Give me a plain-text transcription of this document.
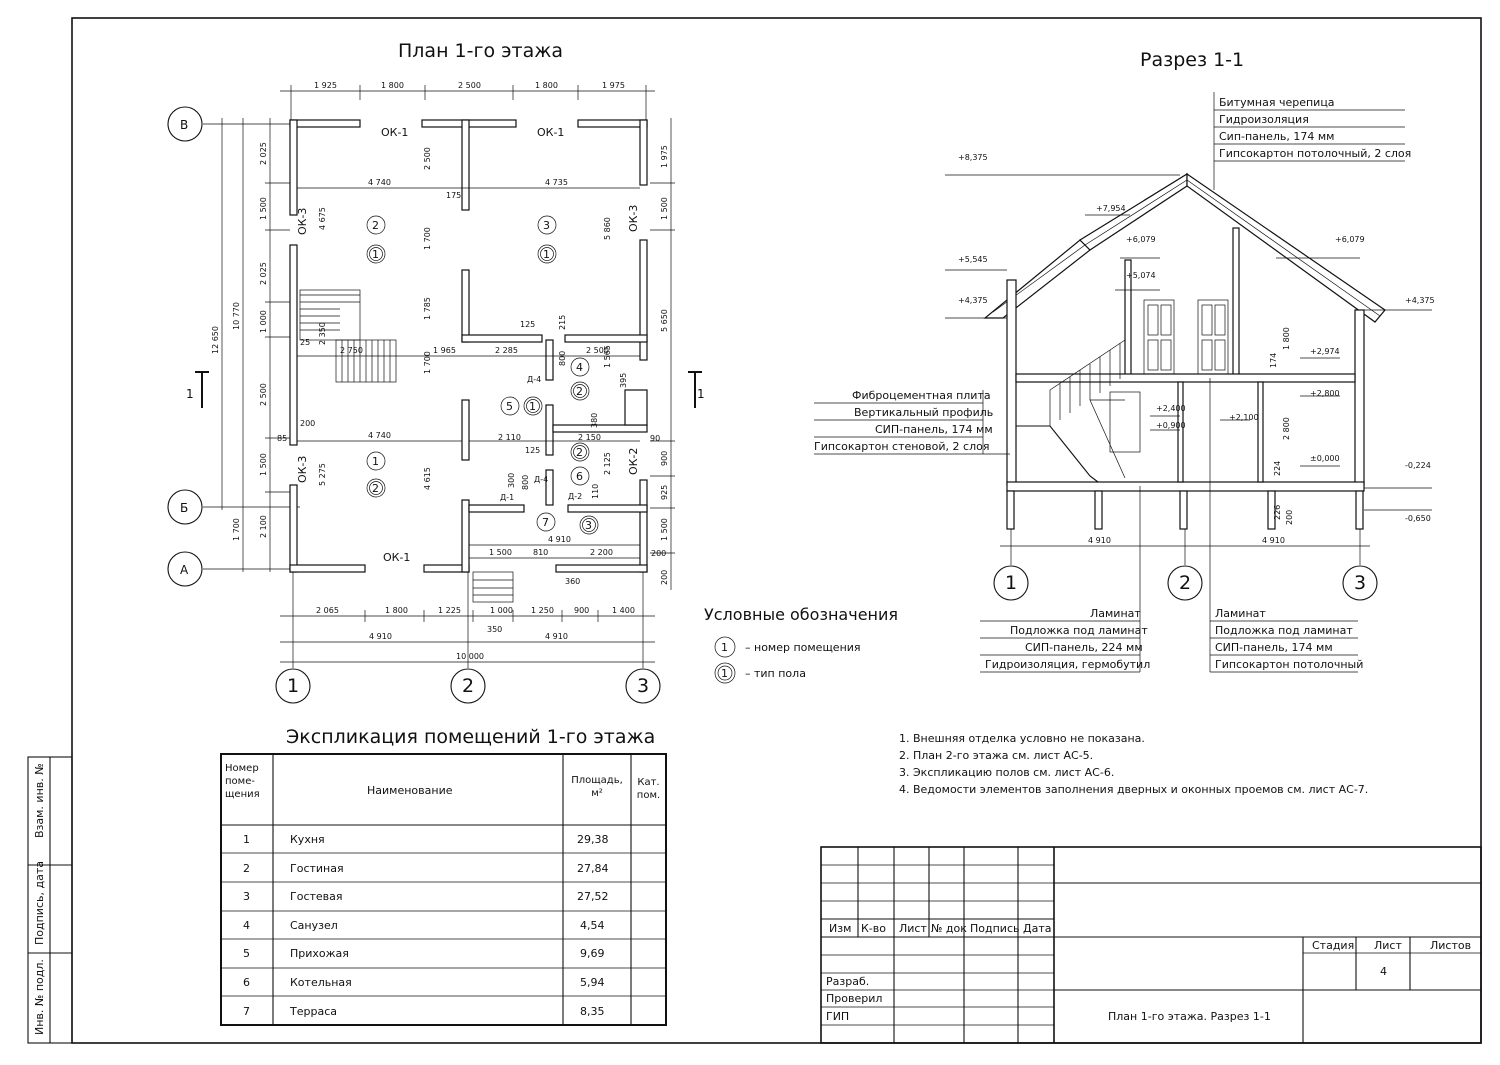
Взам. инв. №
Подпись, дата
Инв. № подл.
План 1-го этажа
1 925	1 800	2 500	1 800	1 975
В
Б
А
1	2	3
2 025
1 500
2 025
1 000
2 500
1 500
2 100
10 770
12 650
1 700
1 975
1 500
5 650
900
925
1 500
200
200
2 065	1 800	1 225	1 000 1 250	900	1 400
4 910	4 910
10 000
350
ОК-1	ОК-1
ОК-1
ОК-3
ОК-3
ОК-3
ОК-2
Д-4
Д-4
Д-1	Д-2
4 740	4 735
4 675	5 860
2 750	1 965	2 285	2 500
4 740	2 110	2 150
4 910
1 500	810	2 200
2 350
1 700
1 785
1 700
4 615
5 275
2 500
175
125	215
800	1 565
395
380
125
2 125
300 800
110
360
200
85	90
25
2
1
3
1
1
2
5 1
4
2
2
6
7	3
1	1
Условные обозначения
1 – номер помещения
1 – тип пола
Экспликация помещений 1-го этажа
Номер поме- щения	Наименование
Площадь, м²
Кат. пом.
1	Кухня	29,38
2	Гостиная	27,84
3	Гостевая	27,52
4	Санузел	4,54
5	Прихожая	9,69
6	Котельная	5,94
7	Терраса	8,35
Разрез 1-1
Битумная черепица
Гидроизоляция
Сип-панель, 174 мм
Гипсокартон потолочный, 2 слоя
4 910	4 910
1	2	3
+8,375
+7,954
+6,079	+6,079
+5,545
+5,074
+4,375	+4,375
+2,974
+2,800
+2,400
+2,100
+0,900
±0,000
-0,224
-0,650
1 800
174
2 800
224
200
226
Фиброцементная плита
Вертикальный профиль
СИП-панель, 174 мм
Гипсокартон стеновой, 2 слоя
Ламинат
Подложка под ламинат
СИП-панель, 224 мм
Гидроизоляция, гермобутил
Ламинат
Подложка под ламинат
СИП-панель, 174 мм
Гипсокартон потолочный
1. Внешняя отделка условно не показана.
2. План 2-го этажа см. лист АС-5.
3. Экспликацию полов см. лист АС-6.
4. Ведомости элементов заполнения дверных и оконных проемов см. лист АС-7.
Изм К-во Лист № док Подпись Дата
Разраб.
Проверил
ГИП
Стадия Лист	Листов
4
План 1-го этажа. Разрез 1-1
